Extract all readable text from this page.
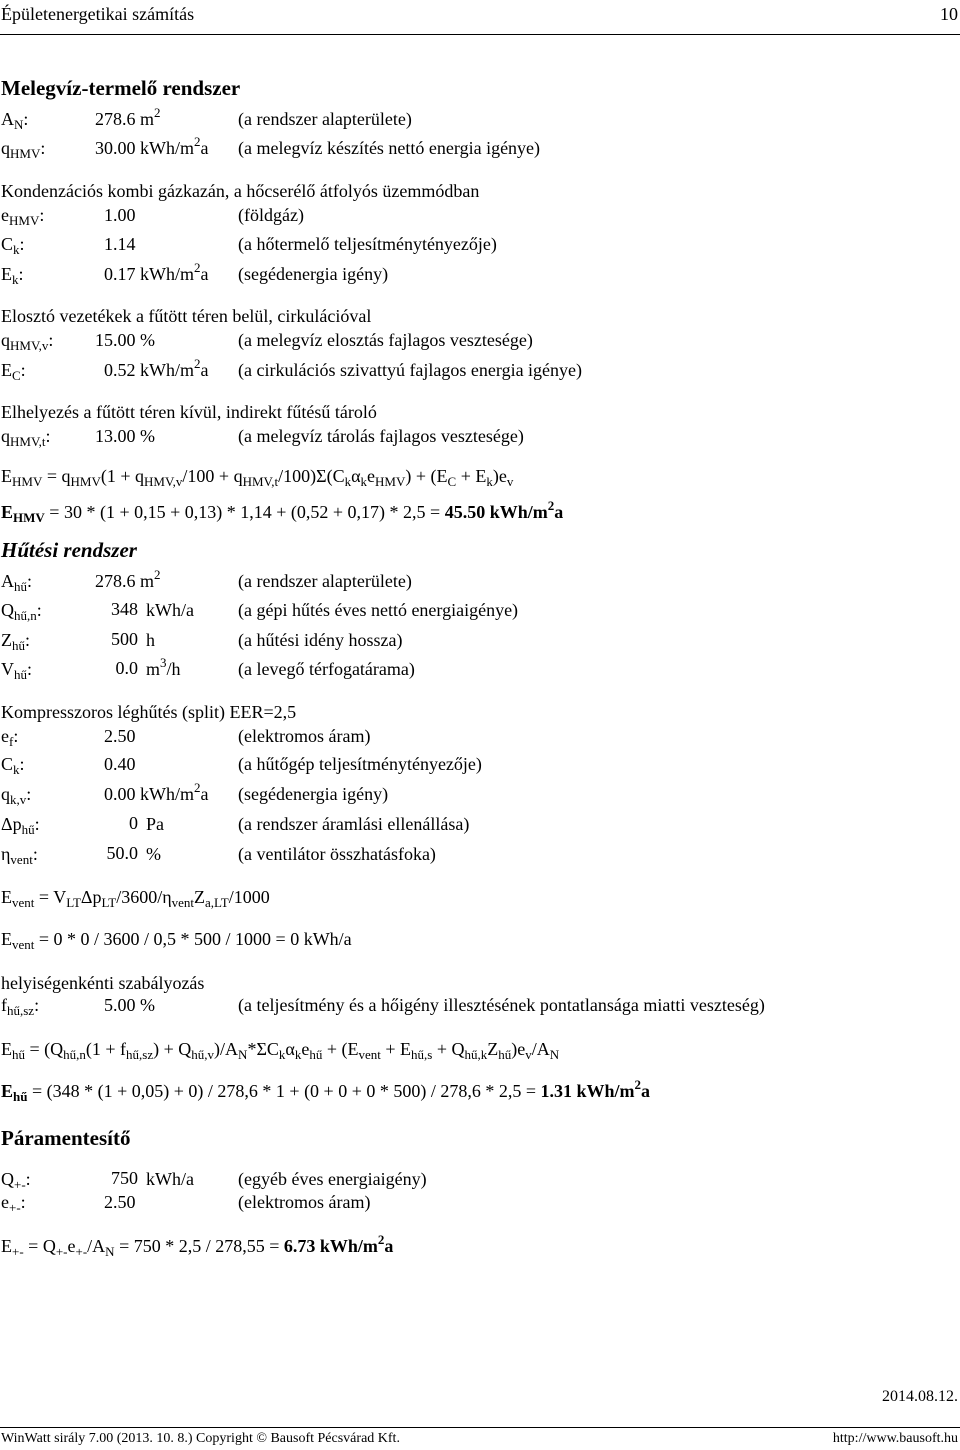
Épületenergetikai számítás	10
Melegvíz-termelő rendszer
$A_N$:	278.6 $m^2$	(a rendszer alapterülete)
$q_{HMV}$:	30.00 kWh/$m^2a$ (a melegvíz készítés nettó energia igénye)
Kondenzációs kombi gázkazán, a hőcserélő átfolyós üzemmódban
$e_{HMV}$:	1.00	(földgáz)
$C_k$:	1.14	(a hőtermelő teljesítménytényezője)
$E_k$:	0.17 kWh/$m^2a$ (segédenergia igény)
Elosztó vezetékek a fűtött téren belül, cirkulációval
$q_{HMV,v}$: 15.00 %	(a melegvíz elosztás fajlagos vesztesége)
$E_C$:	0.52 kWh/$m^2a$ (a cirkulációs szivattyú fajlagos energia igénye)
Elhelyezés a fűtött téren kívül, indirekt fűtésű tároló
$q_{HMV,t}$: 13.00 %	(a melegvíz tárolás fajlagos vesztesége)
$E_{HMV} = q_{HMV}(1 + q_{HMV,v}/100 + q_{HMV,t}/100)\Sigma(C_k\alpha_ke_{HMV}) + (E_C + E_k)e_v$
$E_{HMV} = 30 * (1 + 0,15 + 0,13) * 1,14 + (0,52 + 0,17) * 2,5 = 45.50$ kWh/$m^2a$
Hűtési rendszer
$A_{hű}$:	278.6 $m^2$	(a rendszer alapterülete)
$Q_{hű,n}$:	348 kWh/a (a gépi hűtés éves nettó energiaigénye)
$Z_{hű}$:	500 h	(a hűtési idény hossza)
$V_{hű}$:	0.0 $m^3/h$	(a levegő térfogatárama)
Kompresszoros léghűtés (split) EER=2,5
$e_f$:	2.50	(elektromos áram)
$C_k$:	0.40	(a hűtőgép teljesítménytényezője)
$q_{k,v}$:	0.00 kWh/$m^2a$ (segédenergia igény)
$\Delta p_{hű}$:	0 Pa	(a rendszer áramlási ellenállása)
$\eta_{vent}$:	50.0 %	(a ventilátor összhatásfoka)
$E_{vent} = V_{LT}\Delta p_{LT}/3600/\eta_{vent}Z_{a,LT}/1000$
$E_{vent} = 0 * 0 / 3600 / 0,5 * 500 / 1000 = 0$ kWh/a
helyiségenkénti szabályozás
$f_{hű,sz}$:	5.00 %	(a teljesítmény és a hőigény illesztésének pontatlansága miatti veszteség)
$E_{hű} = (Q_{hű,n}(1 + f_{hű,sz}) + Q_{hű,v})/A_N*\Sigma C_k\alpha_ke_{hű} + (E_{vent} + E_{hű,s} + Q_{hű,k}Z_{hű})e_v/A_N$
$E_{hű} = (348 * (1 + 0,05) + 0) / 278,6 * 1 + (0 + 0 + 0 * 500) / 278,6 * 2,5 = 1.31$ kWh/$m^2a$
Páramentesítő
$Q_{+-}$:	750 kWh/a (egyéb éves energiaigény)
$e_{+-}$:	2.50	(elektromos áram)
$E_{+-} = Q_{+-}e_{+-}/A_N = 750 * 2,5 / 278,55 = 6.73$ kWh/$m^2a$
2014.08.12.
WinWatt sirály 7.00 (2013. 10. 8.) Copyright © Bausoft Pécsvárad Kft.	http://www.bausoft.hu
